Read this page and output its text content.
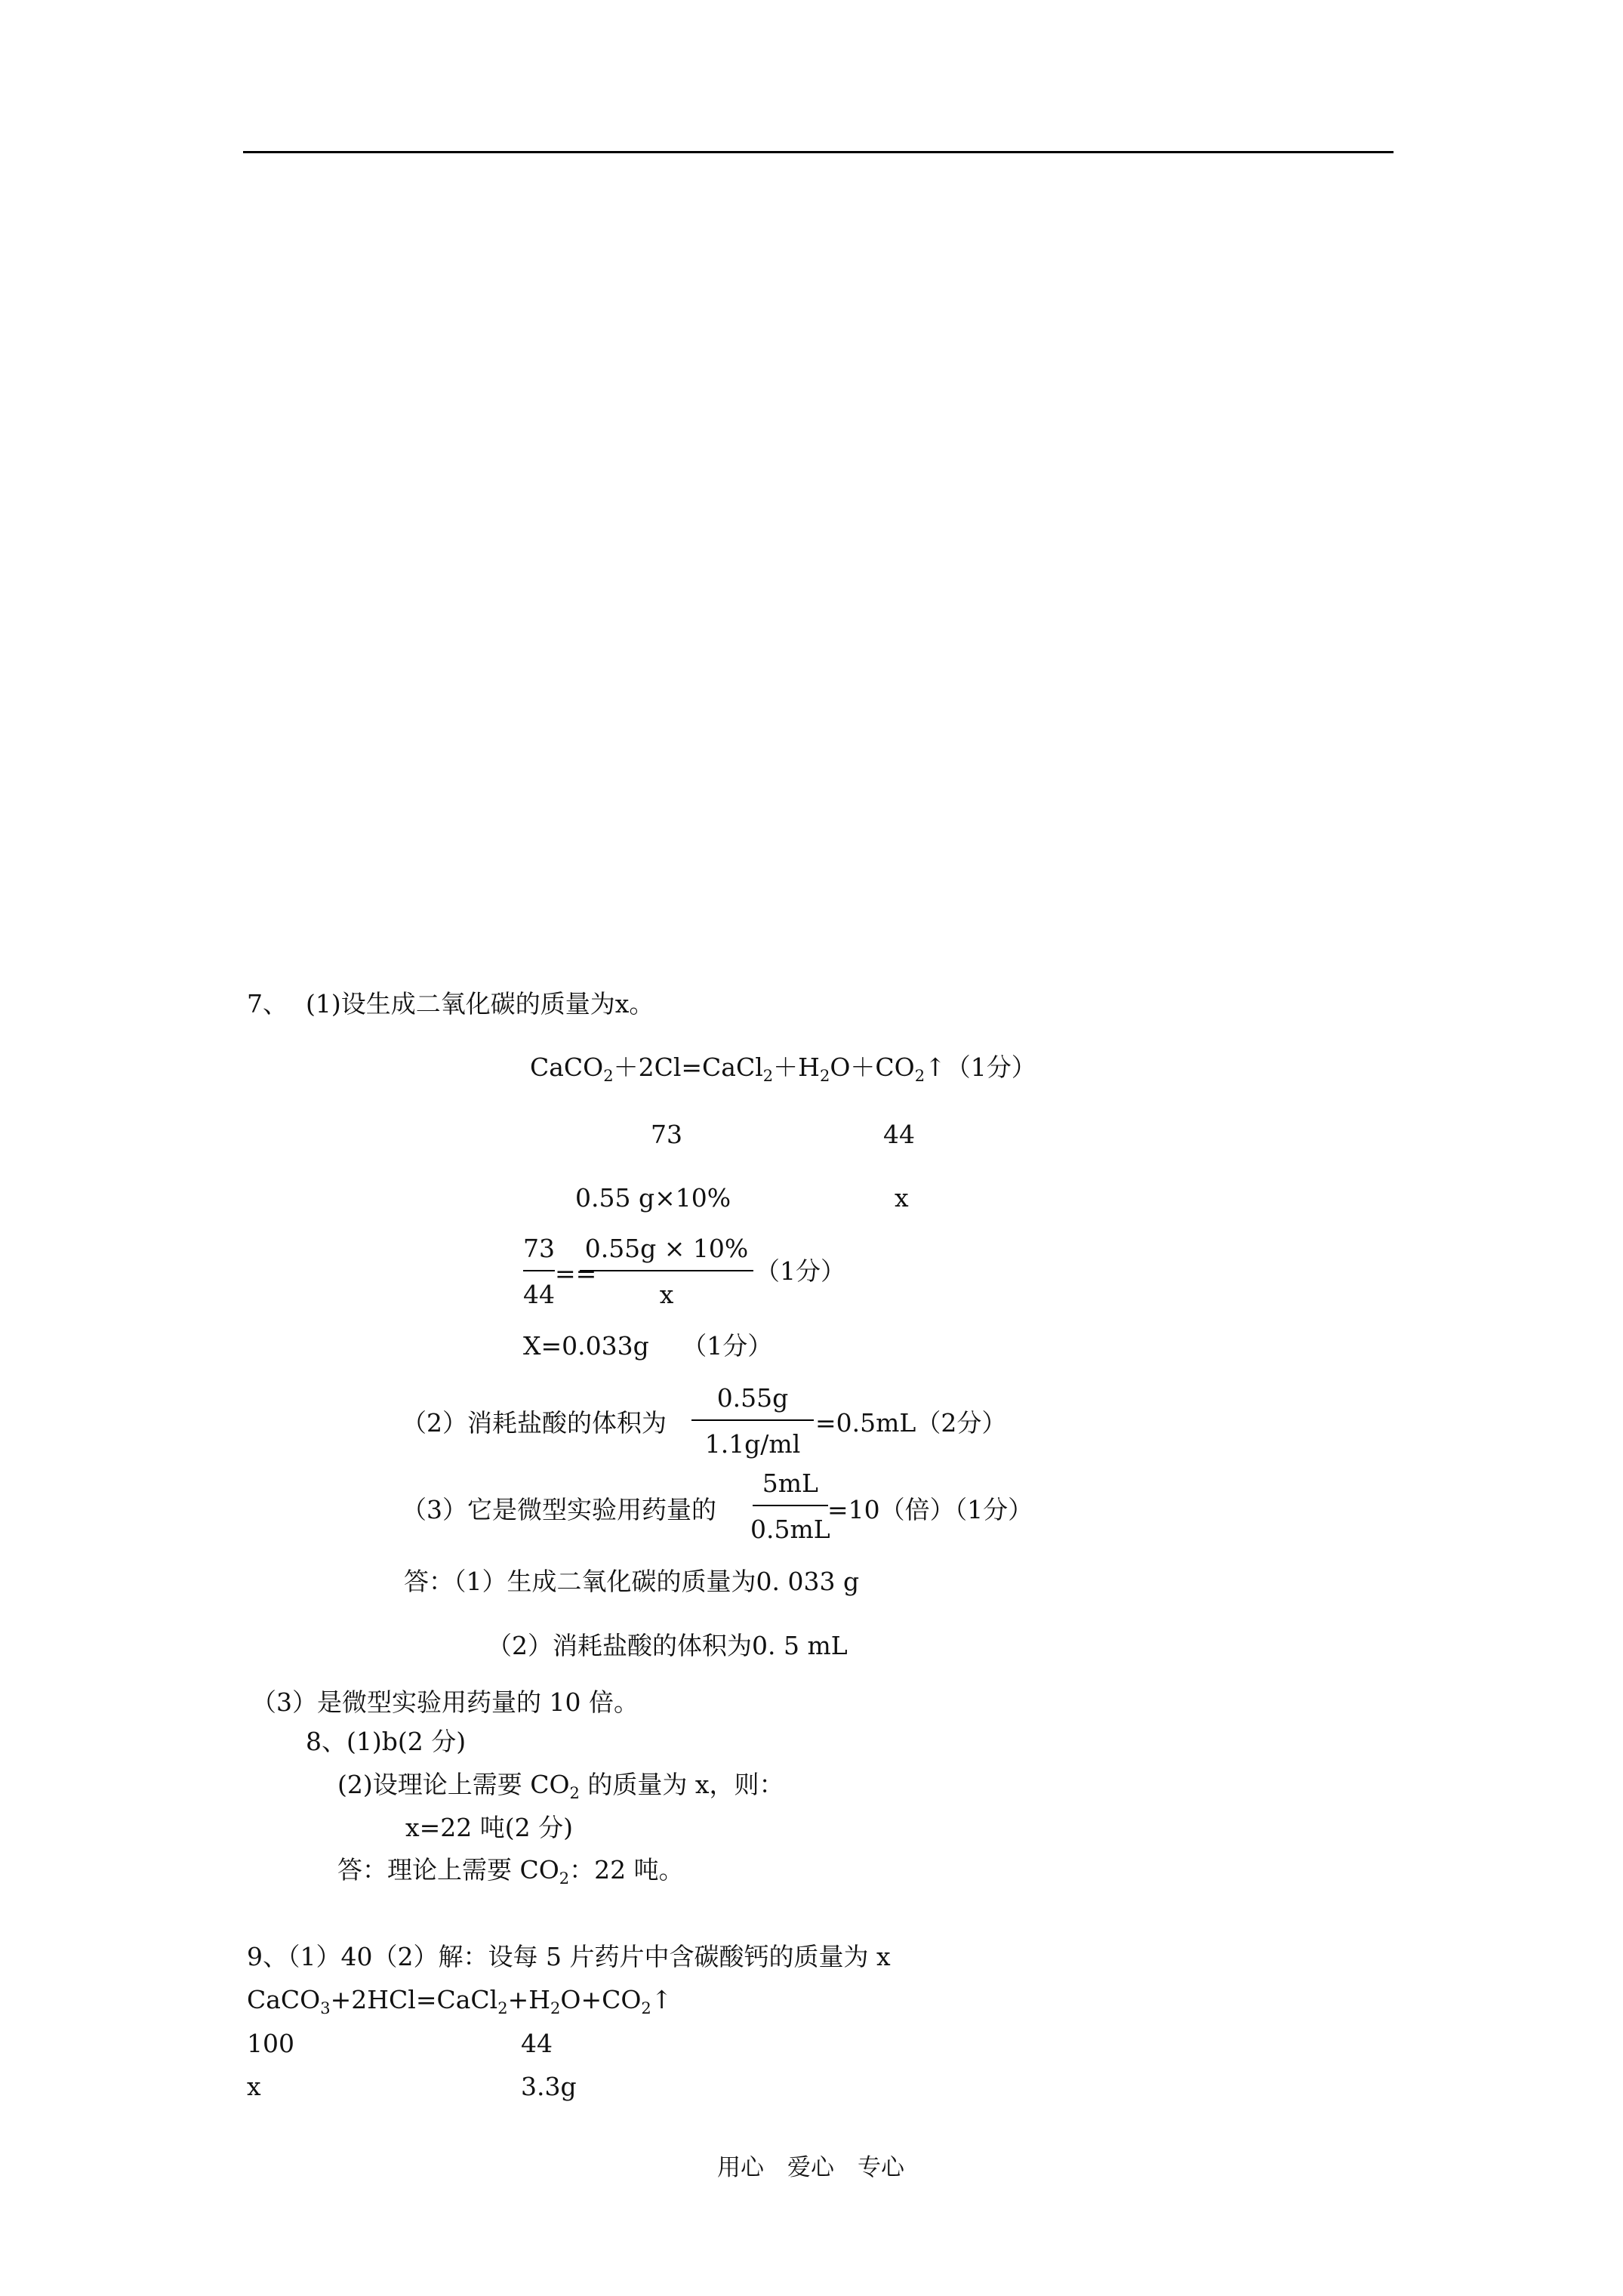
7、 (1)设生成二氧化碳的质量为x。
$CaCO_2+2Cl=CaCl_2+H_2O+CO_2↑(1$分）
73	44
0.55 g×10%	x
73
44
==
0.55g × 10%
x
（1分）
X=0.033g　 （1分）
（2）消耗盐酸的体积为
0.55g
1.1g/ml
=0.5mL（2分）
（3）它是微型实验用药量的
5mL
0.5mL
=10（倍）（1分）
答：（1）生成二氧化碳的质量为0. 033 g
（2）消耗盐酸的体积为0. 5 mL
（3）是微型实验用药量的 10 倍。
8、(1)b(2 分)
(2)设理论上需要 $CO_2$ 的质量为 x，则：
x=22 吨(2 分)
答：理论上需要 $CO_2$：22 吨。
9、（1）40（2）解：设每 5 片药片中含碳酸钙的质量为 x
$CaCO_3+2HCl=CaCl_2+H_2O+CO_2↑$
100	44
x	3.3g
用心　爱心　专心
